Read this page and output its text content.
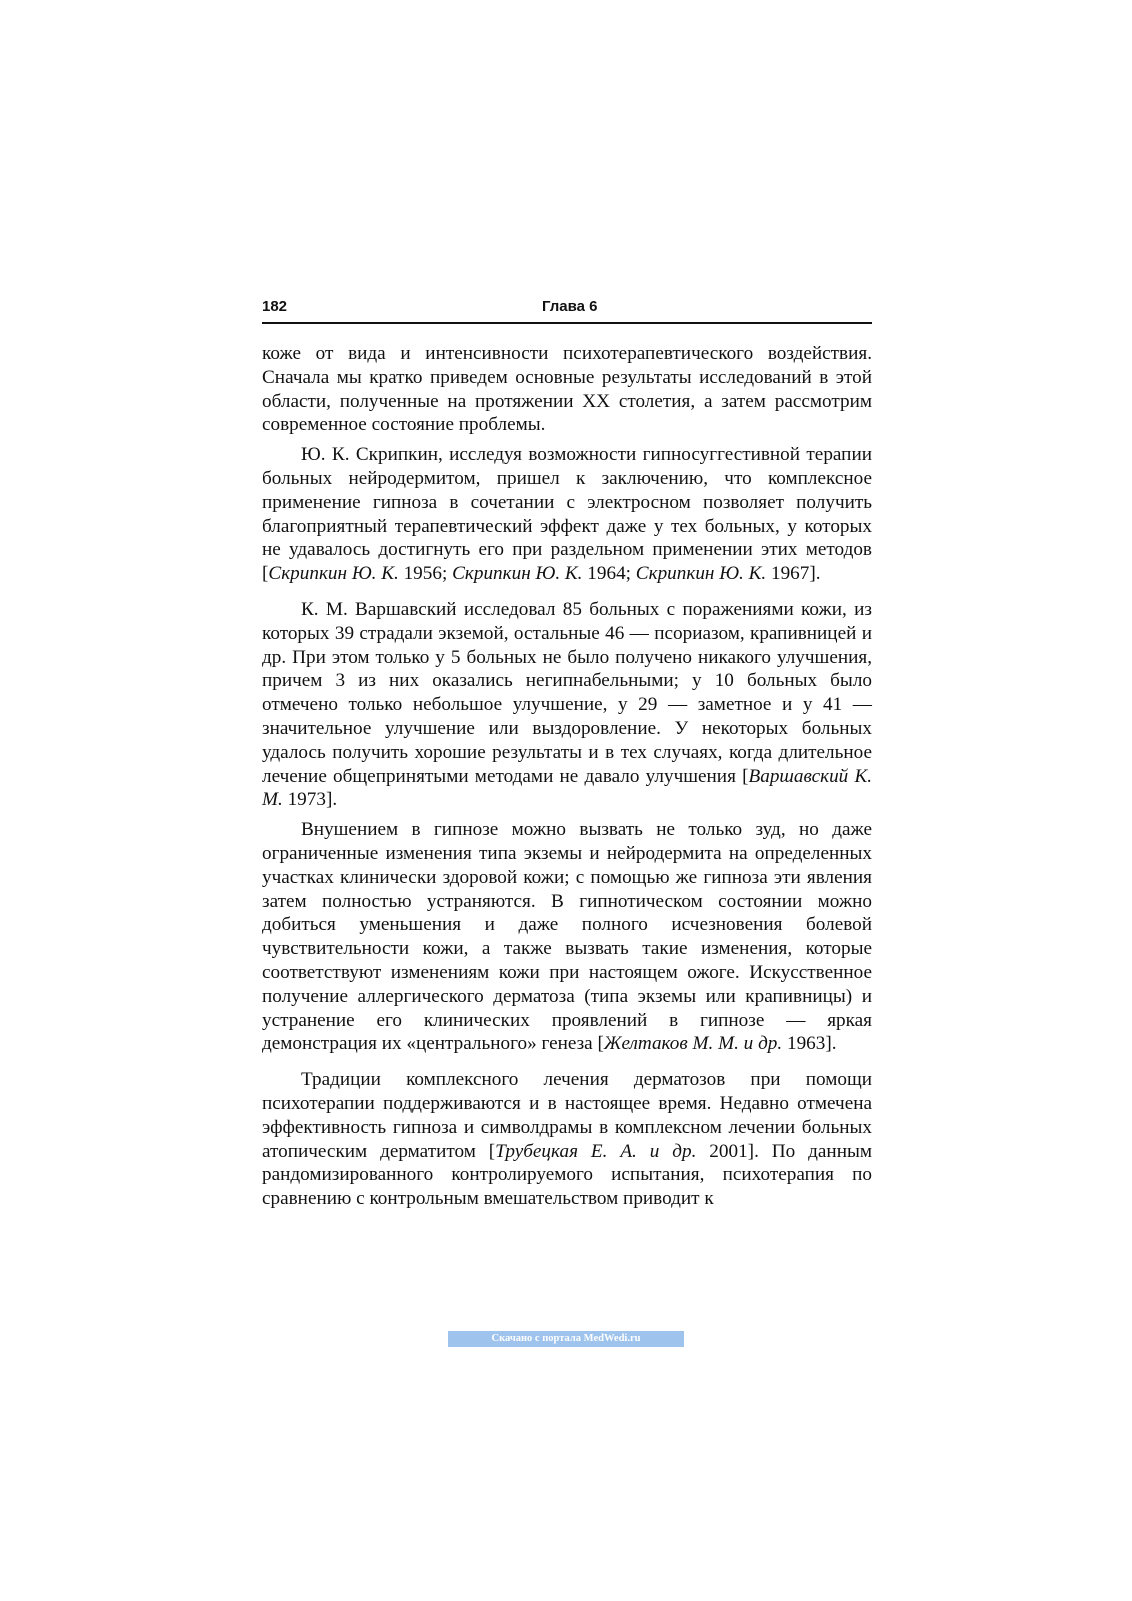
182	Глава 6

коже от вида и интенсивности психотерапевтического воздействия. Сначала мы кратко приведем основные результаты исследований в этой области, полученные на протяжении XX столетия, а затем рассмотрим современное состояние проблемы.

Ю. К. Скрипкин, исследуя возможности гипносуггестивной терапии больных нейродермитом, пришел к заключению, что комплексное применение гипноза в сочетании с электросном позволяет получить благоприятный терапевтический эффект даже у тех больных, у которых не удавалось достигнуть его при раздельном применении этих методов [Скрипкин Ю. К. 1956; Скрипкин Ю. К. 1964; Скрипкин Ю. К. 1967].

К. М. Варшавский исследовал 85 больных с поражениями кожи, из которых 39 страдали экземой, остальные 46 — псориазом, крапивницей и др. При этом только у 5 больных не было получено никакого улучшения, причем 3 из них оказались негипнабельными; у 10 больных было отмечено только небольшое улучшение, у 29 — заметное и у 41 — значительное улучшение или выздоровление. У некоторых больных удалось получить хорошие результаты и в тех случаях, когда длительное лечение общепринятыми методами не давало улучшения [Варшавский К. М. 1973].

Внушением в гипнозе можно вызвать не только зуд, но даже ограниченные изменения типа экземы и нейродермита на определенных участках клинически здоровой кожи; с помощью же гипноза эти явления затем полностью устраняются. В гипнотическом состоянии можно добиться уменьшения и даже полного исчезновения болевой чувствительности кожи, а также вызвать такие изменения, которые соответствуют изменениям кожи при настоящем ожоге. Искусственное получение аллергического дерматоза (типа экземы или крапивницы) и устранение его клинических проявлений в гипнозе — яркая демонстрация их «центрального» генеза [Желтаков М. М. и др. 1963].

Традиции комплексного лечения дерматозов при помощи психотерапии поддерживаются и в настоящее время. Недавно отмечена эффективность гипноза и символдрамы в комплексном лечении больных атопическим дерматитом [Трубецкая Е. А. и др. 2001]. По данным рандомизированного контролируемого испытания, психотерапия по сравнению с контрольным вмешательством приводит к

Скачано с портала MedWedi.ru
